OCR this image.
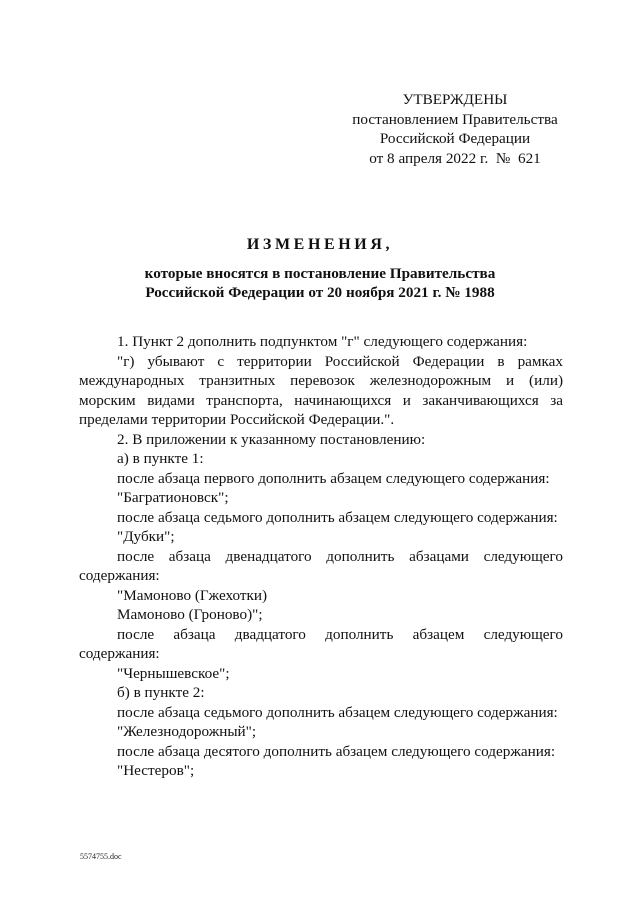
УТВЕРЖДЕНЫ
постановлением Правительства
Российской Федерации
от 8 апреля 2022 г.  №  621
ИЗМЕНЕНИЯ,
которые вносятся в постановление Правительства
Российской Федерации от 20 ноября 2021 г. № 1988
1. Пункт 2 дополнить подпунктом "г" следующего содержания:
"г) убывают с территории Российской Федерации в рамках международных транзитных перевозок железнодорожным и (или) морским видами транспорта, начинающихся и заканчивающихся за пределами территории Российской Федерации.".
2. В приложении к указанному постановлению:
а) в пункте 1:
после абзаца первого дополнить абзацем следующего содержания:
"Багратионовск";
после абзаца седьмого дополнить абзацем следующего содержания:
"Дубки";
после абзаца двенадцатого дополнить абзацами следующего содержания:
"Мамоново (Гжехотки)
Мамоново (Гроново)";
после абзаца двадцатого дополнить абзацем следующего содержания:
"Чернышевское";
б) в пункте 2:
после абзаца седьмого дополнить абзацем следующего содержания:
"Железнодорожный";
после абзаца десятого дополнить абзацем следующего содержания:
"Нестеров";
5574755.doc
